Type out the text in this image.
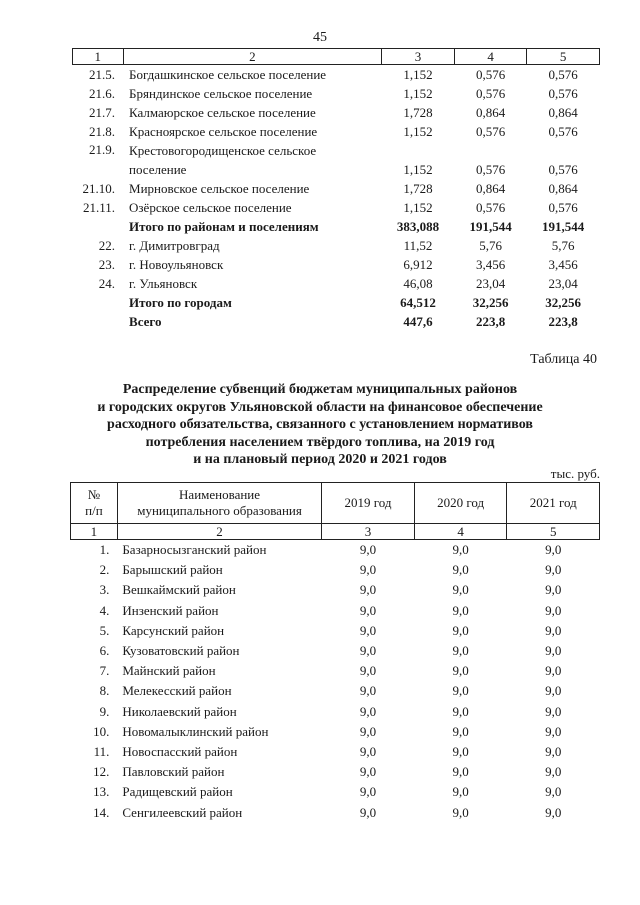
45
1	2	3	4	5
21.5.	Богдашкинское сельское поселение	1,152	0,576	0,576
21.6.	Бряндинское сельское поселение	1,152	0,576	0,576
21.7.	Калмаюрское сельское поселение	1,728	0,864	0,864
21.8.	Красноярское сельское поселение	1,152	0,576	0,576
21.9.	Крестовогородищенское сельское
поселение	1,152	0,576	0,576
21.10.	Мирновское сельское поселение	1,728	0,864	0,864
21.11.	Озёрское сельское поселение	1,152	0,576	0,576
	Итого по районам и поселениям	383,088	191,544	191,544
22.	г. Димитровград	11,52	5,76	5,76
23.	г. Новоульяновск	6,912	3,456	3,456
24.	г. Ульяновск	46,08	23,04	23,04
	Итого по городам	64,512	32,256	32,256
	Всего	447,6	223,8	223,8
Таблица 40
Распределение субвенций бюджетам муниципальных районов
и городских округов Ульяновской области на финансовое обеспечение
расходного обязательства, связанного с установлением нормативов
потребления населением твёрдого топлива, на 2019 год
и на плановый период 2020 и 2021 годов
тыс. руб.
№
п/п	Наименование
муниципального образования	2019 год	2020 год	2021 год
1	2	3	4	5
1.	Базарносызганский район	9,0	9,0	9,0
2.	Барышский район	9,0	9,0	9,0
3.	Вешкаймский район	9,0	9,0	9,0
4.	Инзенский район	9,0	9,0	9,0
5.	Карсунский район	9,0	9,0	9,0
6.	Кузоватовский район	9,0	9,0	9,0
7.	Майнский район	9,0	9,0	9,0
8.	Мелекесский район	9,0	9,0	9,0
9.	Николаевский район	9,0	9,0	9,0
10.	Новомалыклинский район	9,0	9,0	9,0
11.	Новоспасский район	9,0	9,0	9,0
12.	Павловский район	9,0	9,0	9,0
13.	Радищевский район	9,0	9,0	9,0
14.	Сенгилеевский район	9,0	9,0	9,0
